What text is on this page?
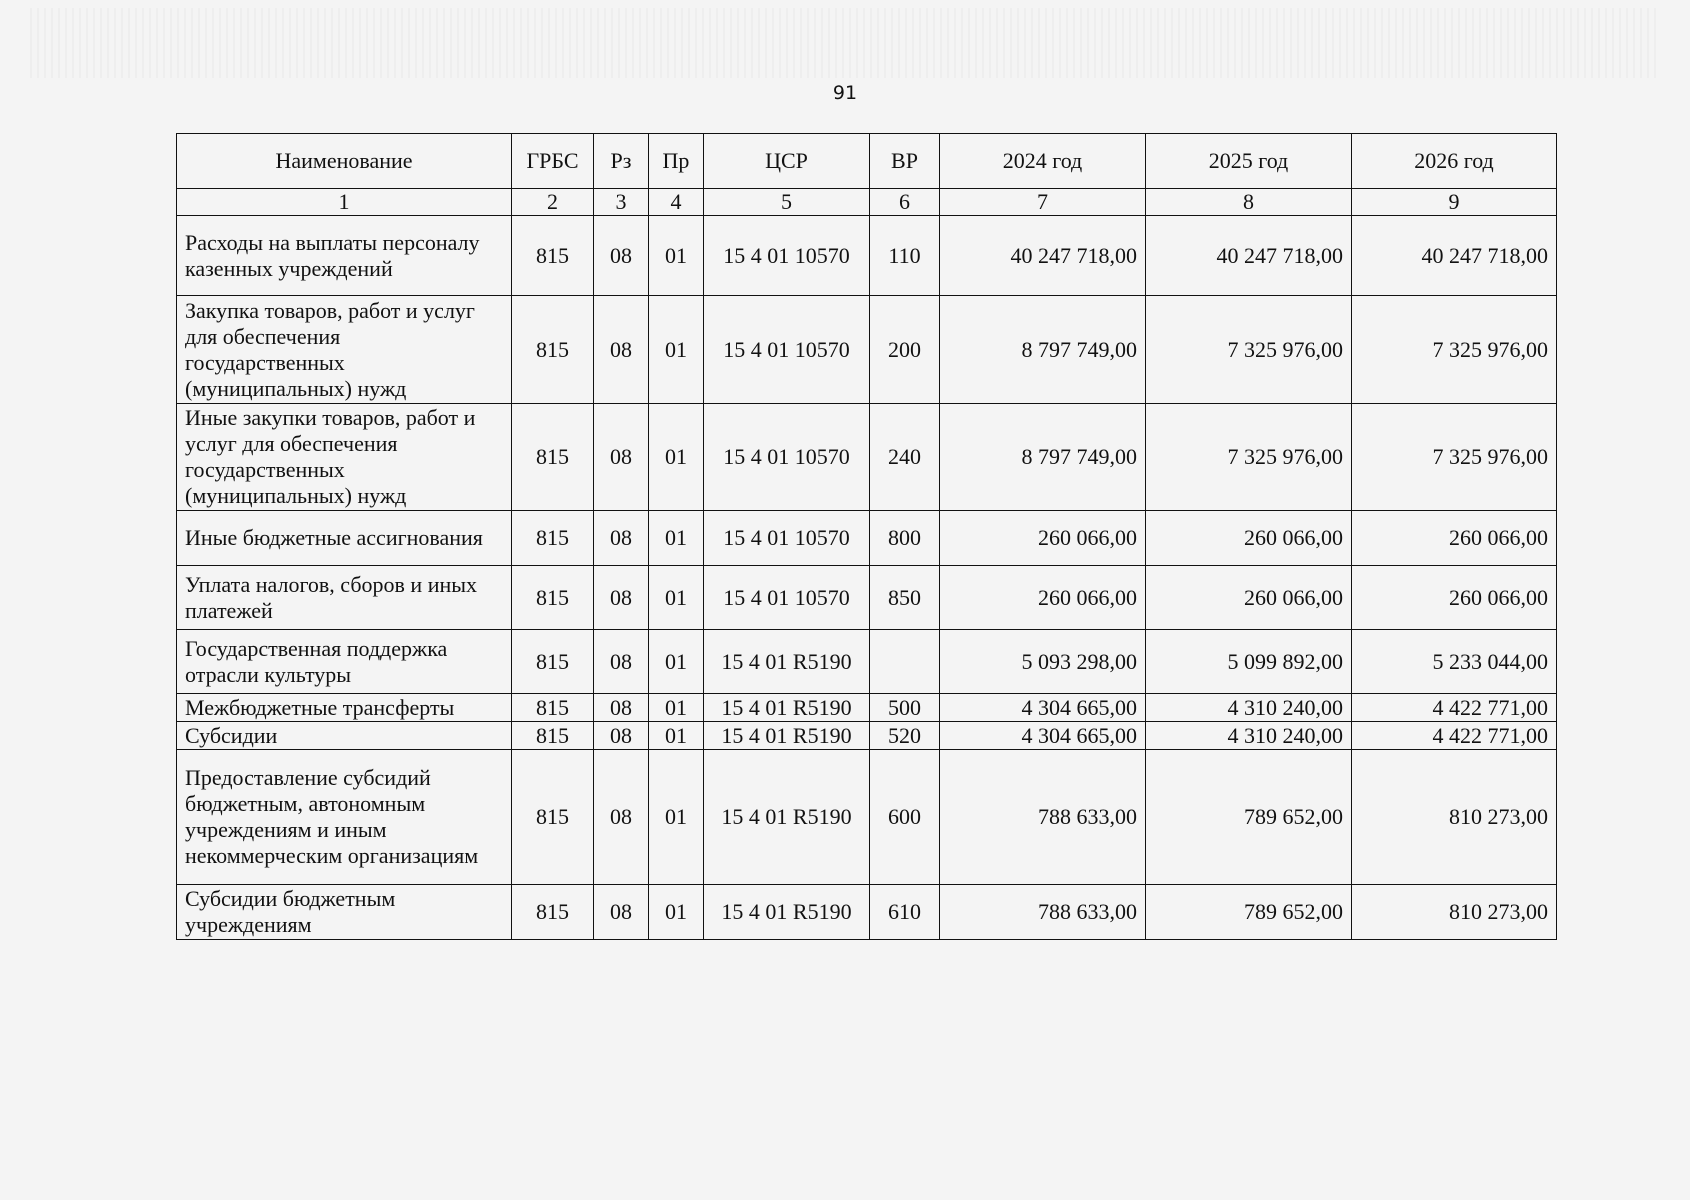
91
Наименование	ГРБС	Рз	Пр	ЦСР	ВР	2024 год	2025 год	2026 год
1	2	3	4	5	6	7	8	9
Расходы на выплаты персоналу казенных учреждений	815	08	01	15 4 01 10570	110	40 247 718,00	40 247 718,00	40 247 718,00
Закупка товаров, работ и услуг для обеспечения государственных (муниципальных) нужд	815	08	01	15 4 01 10570	200	8 797 749,00	7 325 976,00	7 325 976,00
Иные закупки товаров, работ и услуг для обеспечения государственных (муниципальных) нужд	815	08	01	15 4 01 10570	240	8 797 749,00	7 325 976,00	7 325 976,00
Иные бюджетные ассигнования	815	08	01	15 4 01 10570	800	260 066,00	260 066,00	260 066,00
Уплата налогов, сборов и иных платежей	815	08	01	15 4 01 10570	850	260 066,00	260 066,00	260 066,00
Государственная поддержка отрасли культуры	815	08	01	15 4 01 R5190		5 093 298,00	5 099 892,00	5 233 044,00
Межбюджетные трансферты	815	08	01	15 4 01 R5190	500	4 304 665,00	4 310 240,00	4 422 771,00
Субсидии	815	08	01	15 4 01 R5190	520	4 304 665,00	4 310 240,00	4 422 771,00
Предоставление субсидий бюджетным, автономным учреждениям и иным некоммерческим организациям	815	08	01	15 4 01 R5190	600	788 633,00	789 652,00	810 273,00
Субсидии бюджетным учреждениям	815	08	01	15 4 01 R5190	610	788 633,00	789 652,00	810 273,00
